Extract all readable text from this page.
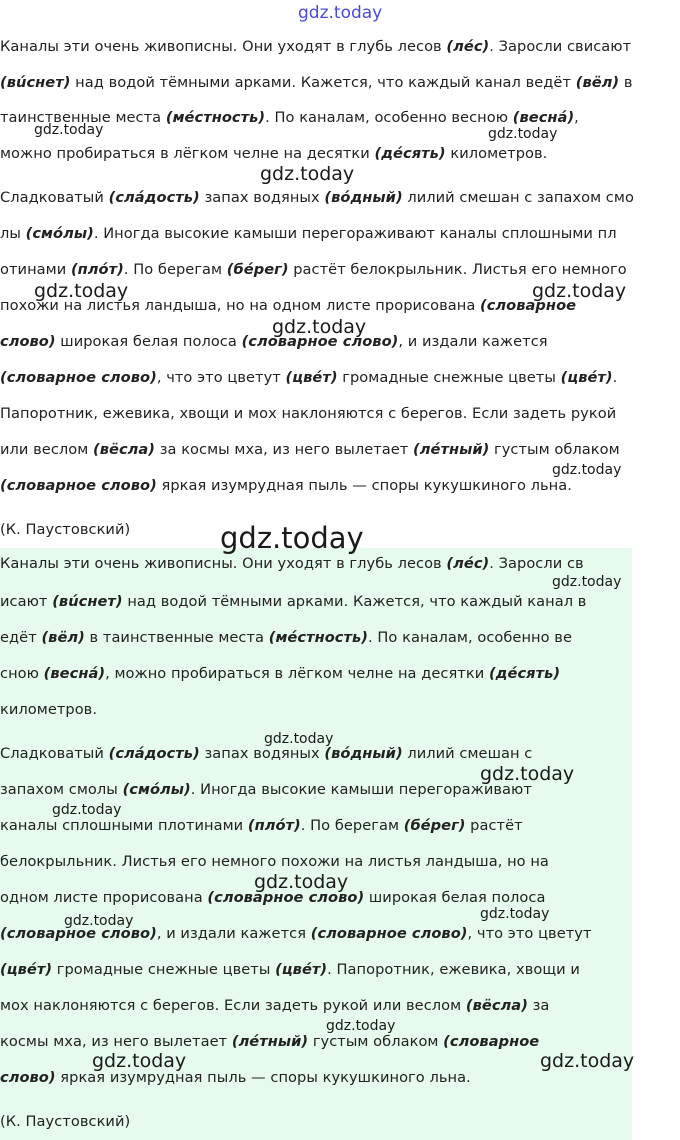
gdz.today
gdz.today	gdz.today
gdz.today
gdz.today	gdz.today
gdz.today
gdz.today
gdz.today
gdz.today
gdz.today
gdz.today
gdz.today
gdz.today
gdz.today
gdz.today
gdz.today
gdz.today	gdz.today
Каналы эти очень живописны. Они уходят в глубь лесов (лéс). Заросли свисают
(вúснет) над водой тёмными арками. Кажется, что каждый канал ведёт (вёл) в
таинственные места (мéстность). По каналам, особенно весною (веснá),
можно пробираться в лёгком челне на десятки (дéсять) километров.
Сладковатый (слáдость) запах водяных (вóдный) лилий смешан с запахом смо
лы (смóлы). Иногда высокие камыши перегораживают каналы сплошными пл
отинами (плóт). По берегам (бéрег) растёт белокрыльник. Листья его немного
похожи на листья ландыша, но на одном листе прорисована (словарное
слово) широкая белая полоса (словарное слово), и издали кажется
(словарное слово), что это цветут (цвéт) громадные снежные цветы (цвéт).
Папоротник, ежевика, хвощи и мох наклоняются с берегов. Если задеть рукой
или веслом (вёсла) за космы мха, из него вылетает (лéтный) густым облаком
(словарное слово) яркая изумрудная пыль — споры кукушкиного льна.
(К. Паустовский)
Каналы эти очень живописны. Они уходят в глубь лесов (лéс). Заросли св
исают (вúснет) над водой тёмными арками. Кажется, что каждый канал в
едёт (вёл) в таинственные места (мéстность). По каналам, особенно ве
сною (веснá), можно пробираться в лёгком челне на десятки (дéсять)
километров.
Сладковатый (слáдость) запах водяных (вóдный) лилий смешан с
запахом смолы (смóлы). Иногда высокие камыши перегораживают
каналы сплошными плотинами (плóт). По берегам (бéрег) растёт
белокрыльник. Листья его немного похожи на листья ландыша, но на
одном листе прорисована (словарное слово) широкая белая полоса
(словарное слово), и издали кажется (словарное слово), что это цветут
(цвéт) громадные снежные цветы (цвéт). Папоротник, ежевика, хвощи и
мох наклоняются с берегов. Если задеть рукой или веслом (вёсла) за
космы мха, из него вылетает (лéтный) густым облаком (словарное
слово) яркая изумрудная пыль — споры кукушкиного льна.
(К. Паустовский)
